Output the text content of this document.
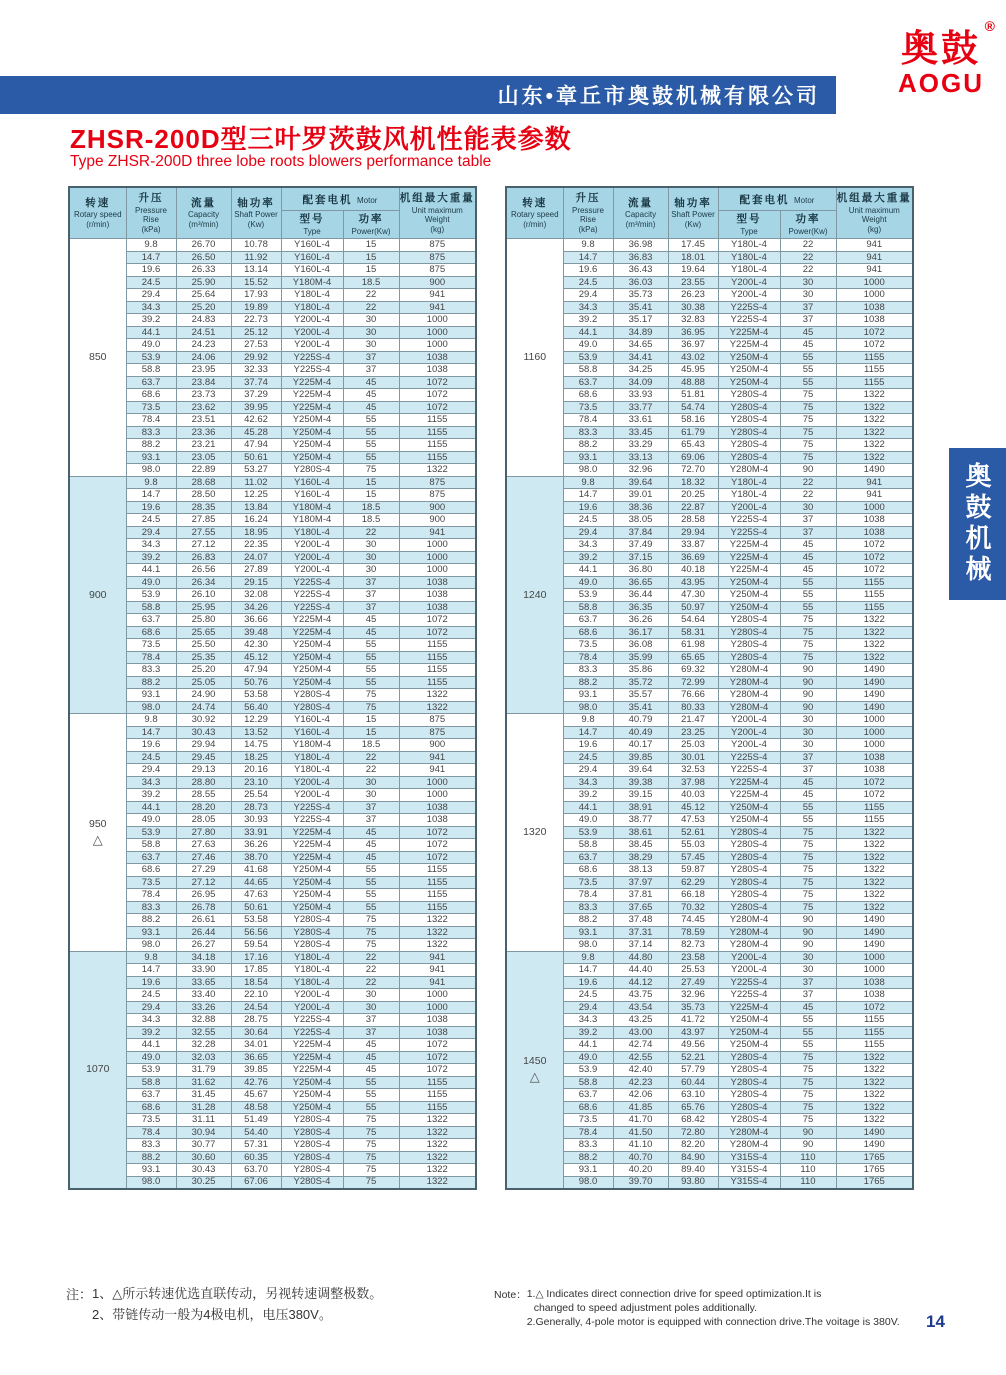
山东•章丘市奥鼓机械有限公司
奥鼓
®
AOGU
ZHSR-200D型三叶罗茨鼓风机性能表参数
Type ZHSR-200D three lobe roots blowers performance table
转速
Rotary speed
(r/min)	升压
Pressure Rise
(kPa)	流量
Capacity
(m³/min)	轴功率
Shaft Power
(Kw)	配套电机 Motor		机组最大重量
Unit maximum Weight
(kg)

				型号
Type	功率
Power(Kw)	

850	9.8	26.70	10.78	Y160L-4	15	875
	14.7	26.50	11.92	Y160L-4	15	875
	19.6	26.33	13.14	Y160L-4	15	875
	24.5	25.90	15.52	Y180M-4	18.5	900
	29.4	25.64	17.93	Y180L-4	22	941
	34.3	25.20	19.89	Y180L-4	22	941
	39.2	24.83	22.73	Y200L-4	30	1000
	44.1	24.51	25.12	Y200L-4	30	1000
	49.0	24.23	27.53	Y200L-4	30	1000
	53.9	24.06	29.92	Y225S-4	37	1038
	58.8	23.95	32.33	Y225S-4	37	1038
	63.7	23.84	37.74	Y225M-4	45	1072
	68.6	23.73	37.29	Y225M-4	45	1072
	73.5	23.62	39.95	Y225M-4	45	1072
	78.4	23.51	42.62	Y250M-4	55	1155
	83.3	23.36	45.28	Y250M-4	55	1155
	88.2	23.21	47.94	Y250M-4	55	1155
	93.1	23.05	50.61	Y250M-4	55	1155
	98.0	22.89	53.27	Y280S-4	75	1322

900	9.8	28.68	11.02	Y160L-4	15	875
	14.7	28.50	12.25	Y160L-4	15	875
	19.6	28.35	13.84	Y180M-4	18.5	900
	24.5	27.85	16.24	Y180M-4	18.5	900
	29.4	27.55	18.95	Y180L-4	22	941
	34.3	27.12	22.35	Y200L-4	30	1000
	39.2	26.83	24.07	Y200L-4	30	1000
	44.1	26.56	27.89	Y200L-4	30	1000
	49.0	26.34	29.15	Y225S-4	37	1038
	53.9	26.10	32.08	Y225S-4	37	1038
	58.8	25.95	34.26	Y225S-4	37	1038
	63.7	25.80	36.66	Y225M-4	45	1072
	68.6	25.65	39.48	Y225M-4	45	1072
	73.5	25.50	42.30	Y250M-4	55	1155
	78.4	25.35	45.12	Y250M-4	55	1155
	83.3	25.20	47.94	Y250M-4	55	1155
	88.2	25.05	50.76	Y250M-4	55	1155
	93.1	24.90	53.58	Y280S-4	75	1322
	98.0	24.74	56.40	Y280S-4	75	1322

950
△	9.8	30.92	12.29	Y160L-4	15	875
	14.7	30.43	13.52	Y160L-4	15	875
	19.6	29.94	14.75	Y180M-4	18.5	900
	24.5	29.45	18.25	Y180L-4	22	941
	29.4	29.13	20.16	Y180L-4	22	941
	34.3	28.80	23.10	Y200L-4	30	1000
	39.2	28.55	25.54	Y200L-4	30	1000
	44.1	28.20	28.73	Y225S-4	37	1038
	49.0	28.05	30.93	Y225S-4	37	1038
	53.9	27.80	33.91	Y225M-4	45	1072
	58.8	27.63	36.26	Y225M-4	45	1072
	63.7	27.46	38.70	Y225M-4	45	1072
	68.6	27.29	41.68	Y250M-4	55	1155
	73.5	27.12	44.65	Y250M-4	55	1155
	78.4	26.95	47.63	Y250M-4	55	1155
	83.3	26.78	50.61	Y250M-4	55	1155
	88.2	26.61	53.58	Y280S-4	75	1322
	93.1	26.44	56.56	Y280S-4	75	1322
	98.0	26.27	59.54	Y280S-4	75	1322

1070	9.8	34.18	17.16	Y180L-4	22	941
	14.7	33.90	17.85	Y180L-4	22	941
	19.6	33.65	18.54	Y180L-4	22	941
	24.5	33.40	22.10	Y200L-4	30	1000
	29.4	33.26	24.54	Y200L-4	30	1000
	34.3	32.88	28.75	Y225S-4	37	1038
	39.2	32.55	30.64	Y225S-4	37	1038
	44.1	32.28	34.01	Y225M-4	45	1072
	49.0	32.03	36.65	Y225M-4	45	1072
	53.9	31.79	39.85	Y225M-4	45	1072
	58.8	31.62	42.76	Y250M-4	55	1155
	63.7	31.45	45.67	Y250M-4	55	1155
	68.6	31.28	48.58	Y250M-4	55	1155
	73.5	31.11	51.49	Y280S-4	75	1322
	78.4	30.94	54.40	Y280S-4	75	1322
	83.3	30.77	57.31	Y280S-4	75	1322
	88.2	30.60	60.35	Y280S-4	75	1322
	93.1	30.43	63.70	Y280S-4	75	1322
	98.0	30.25	67.06	Y280S-4	75	1322
转速
Rotary speed
(r/min)	升压
Pressure Rise
(kPa)	流量
Capacity
(m³/min)	轴功率
Shaft Power
(Kw)	配套电机 Motor		机组最大重量
Unit maximum Weight
(kg)

				型号
Type	功率
Power(Kw)	

1160	9.8	36.98	17.45	Y180L-4	22	941
	14.7	36.83	18.01	Y180L-4	22	941
	19.6	36.43	19.64	Y180L-4	22	941
	24.5	36.03	23.55	Y200L-4	30	1000
	29.4	35.73	26.23	Y200L-4	30	1000
	34.3	35.41	30.38	Y225S-4	37	1038
	39.2	35.17	32.83	Y225S-4	37	1038
	44.1	34.89	36.95	Y225M-4	45	1072
	49.0	34.65	36.97	Y225M-4	45	1072
	53.9	34.41	43.02	Y250M-4	55	1155
	58.8	34.25	45.95	Y250M-4	55	1155
	63.7	34.09	48.88	Y250M-4	55	1155
	68.6	33.93	51.81	Y280S-4	75	1322
	73.5	33.77	54.74	Y280S-4	75	1322
	78.4	33.61	58.16	Y280S-4	75	1322
	83.3	33.45	61.79	Y280S-4	75	1322
	88.2	33.29	65.43	Y280S-4	75	1322
	93.1	33.13	69.06	Y280S-4	75	1322
	98.0	32.96	72.70	Y280M-4	90	1490

1240	9.8	39.64	18.32	Y180L-4	22	941
	14.7	39.01	20.25	Y180L-4	22	941
	19.6	38.36	22.87	Y200L-4	30	1000
	24.5	38.05	28.58	Y225S-4	37	1038
	29.4	37.84	29.94	Y225S-4	37	1038
	34.3	37.49	33.87	Y225M-4	45	1072
	39.2	37.15	36.69	Y225M-4	45	1072
	44.1	36.80	40.18	Y225M-4	45	1072
	49.0	36.65	43.95	Y250M-4	55	1155
	53.9	36.44	47.30	Y250M-4	55	1155
	58.8	36.35	50.97	Y250M-4	55	1155
	63.7	36.26	54.64	Y280S-4	75	1322
	68.6	36.17	58.31	Y280S-4	75	1322
	73.5	36.08	61.98	Y280S-4	75	1322
	78.4	35.99	65.65	Y280S-4	75	1322
	83.3	35.86	69.32	Y280M-4	90	1490
	88.2	35.72	72.99	Y280M-4	90	1490
	93.1	35.57	76.66	Y280M-4	90	1490
	98.0	35.41	80.33	Y280M-4	90	1490

1320	9.8	40.79	21.47	Y200L-4	30	1000
	14.7	40.49	23.25	Y200L-4	30	1000
	19.6	40.17	25.03	Y200L-4	30	1000
	24.5	39.85	30.01	Y225S-4	37	1038
	29.4	39.64	32.53	Y225S-4	37	1038
	34.3	39.38	37.98	Y225M-4	45	1072
	39.2	39.15	40.03	Y225M-4	45	1072
	44.1	38.91	45.12	Y250M-4	55	1155
	49.0	38.77	47.53	Y250M-4	55	1155
	53.9	38.61	52.61	Y280S-4	75	1322
	58.8	38.45	55.03	Y280S-4	75	1322
	63.7	38.29	57.45	Y280S-4	75	1322
	68.6	38.13	59.87	Y280S-4	75	1322
	73.5	37.97	62.29	Y280S-4	75	1322
	78.4	37.81	66.18	Y280S-4	75	1322
	83.3	37.65	70.32	Y280S-4	75	1322
	88.2	37.48	74.45	Y280M-4	90	1490
	93.1	37.31	78.59	Y280M-4	90	1490
	98.0	37.14	82.73	Y280M-4	90	1490

1450
△	9.8	44.80	23.58	Y200L-4	30	1000
	14.7	44.40	25.53	Y200L-4	30	1000
	19.6	44.12	27.49	Y225S-4	37	1038
	24.5	43.75	32.96	Y225S-4	37	1038
	29.4	43.54	35.73	Y225M-4	45	1072
	34.3	43.25	41.72	Y250M-4	55	1155
	39.2	43.00	43.97	Y250M-4	55	1155
	44.1	42.74	49.56	Y250M-4	55	1155
	49.0	42.55	52.21	Y280S-4	75	1322
	53.9	42.40	57.79	Y280S-4	75	1322
	58.8	42.23	60.44	Y280S-4	75	1322
	63.7	42.06	63.10	Y280S-4	75	1322
	68.6	41.85	65.76	Y280S-4	75	1322
	73.5	41.70	68.42	Y280S-4	75	1322
	78.4	41.50	72.80	Y280M-4	90	1490
	83.3	41.10	82.20	Y280M-4	90	1490
	88.2	40.70	84.90	Y315S-4	110	1765
	93.1	40.20	89.40	Y315S-4	110	1765
	98.0	39.70	93.80	Y315S-4	110	1765
奥鼓机械
注： 1、△所示转速优选直联传动，另视转速调整极数。
2、带链传动一般为4极电机，电压380V。
Note： 1.△ Indicates direct connection drive for speed optimization.It is
changed to speed adjustment poles additionally.
2.Generally, 4-pole motor is equipped with connection drive.The voitage is 380V. 14
